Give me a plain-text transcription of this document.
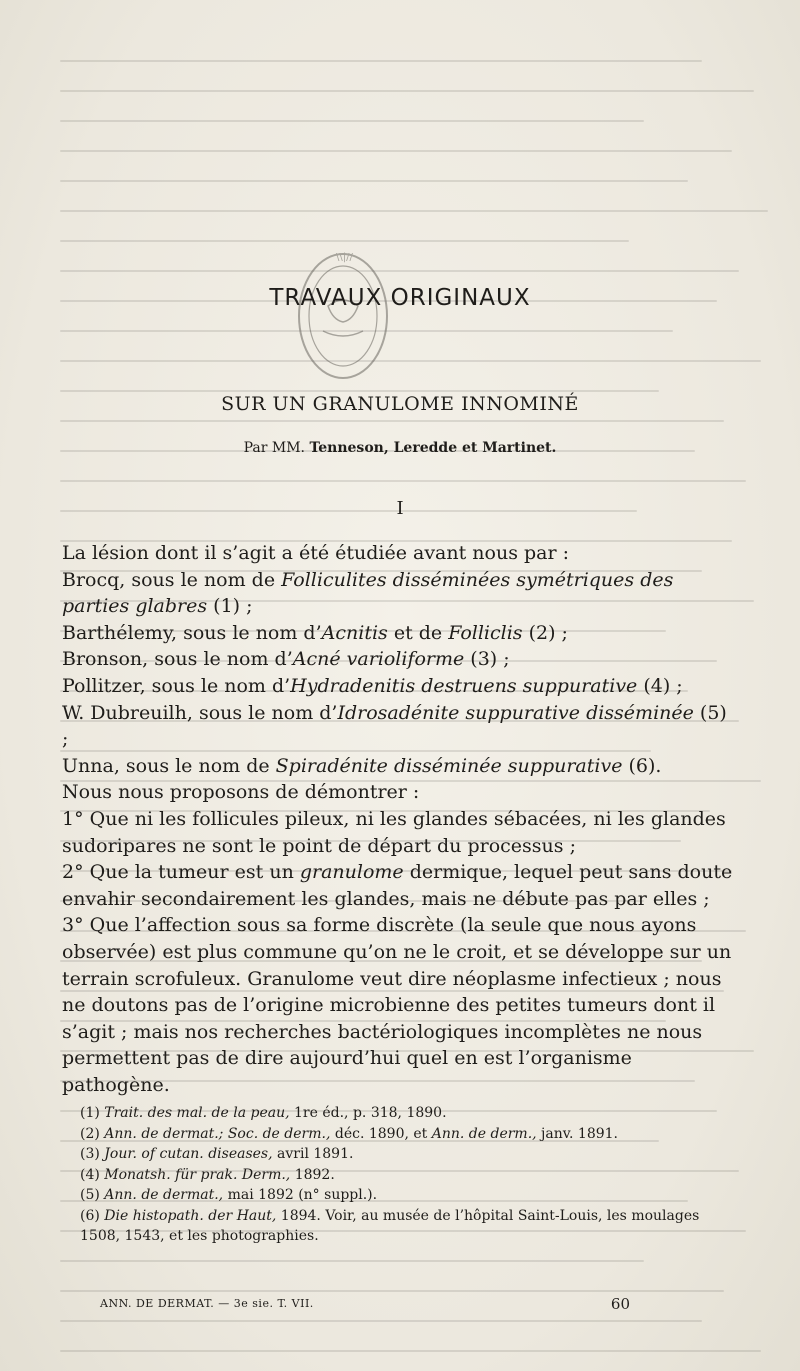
\\|//
TRAVAUX ORIGINAUX
SUR UN GRANULOME INNOMINÉ
Par MM. Tenneson, Leredde et Martinet.
I

La lésion dont il s’agit a été étudiée avant nous par :

Brocq, sous le nom de Folliculites disséminées symétriques des parties glabres (1) ;

Barthélemy, sous le nom d’Acnitis et de Folliclis (2) ;

Bronson, sous le nom d’Acné varioliforme (3) ;

Pollitzer, sous le nom d’Hydradenitis destruens suppurative (4) ;

W. Dubreuilh, sous le nom d’Idrosadénite suppurative disséminée (5) ;

Unna, sous le nom de Spiradénite disséminée suppurative (6).

Nous nous proposons de démontrer :

1° Que ni les follicules pileux, ni les glandes sébacées, ni les glandes sudoripares ne sont le point de départ du processus ;

2° Que la tumeur est un granulome dermique, lequel peut sans doute envahir secondairement les glandes, mais ne débute pas par elles ;

3° Que l’affection sous sa forme discrète (la seule que nous ayons observée) est plus commune qu’on ne le croit, et se développe sur un terrain scrofuleux. Granulome veut dire néoplasme infectieux ; nous ne doutons pas de l’origine microbienne des petites tumeurs dont il s’agit ; mais nos recherches bactériologiques incomplètes ne nous permettent pas de dire aujourd’hui quel en est l’organisme pathogène.

(1) Trait. des mal. de la peau, 1re éd., p. 318, 1890.

(2) Ann. de dermat.; Soc. de derm., déc. 1890, et Ann. de derm., janv. 1891.

(3) Jour. of cutan. diseases, avril 1891.

(4) Monatsh. für prak. Derm., 1892.

(5) Ann. de dermat., mai 1892 (n° suppl.).

(6) Die histopath. der Haut, 1894. Voir, au musée de l’hôpital Saint-Louis, les moulages 1508, 1543, et les photographies.

ANN. DE DERMAT. — 3e sie. T. VII.	60
